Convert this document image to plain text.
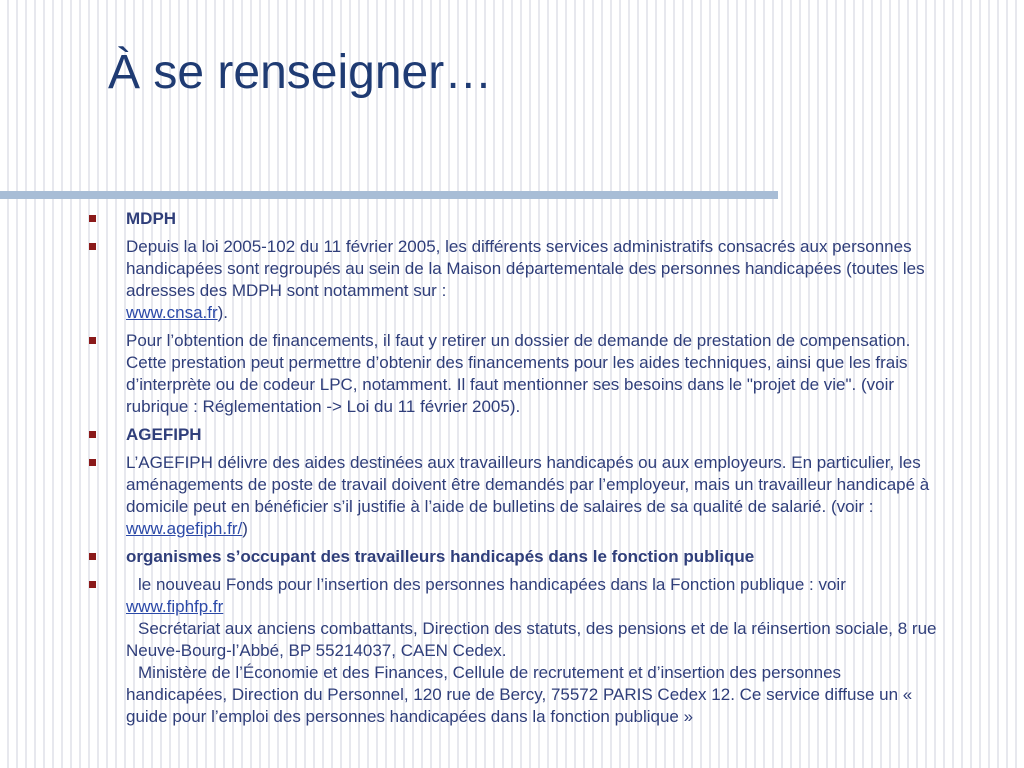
À se renseigner…
MDPH
Depuis la loi 2005-102 du 11 février 2005, les différents services administratifs consacrés aux personnes handicapées sont regroupés au sein de la Maison départementale des personnes handicapées (toutes les adresses des MDPH sont notamment sur :
www.cnsa.fr).
Pour l’obtention de financements, il faut y retirer un dossier de demande de prestation de compensation. Cette prestation peut permettre d’obtenir des financements pour les aides techniques, ainsi que les frais d’interprète ou de codeur LPC, notamment. Il faut mentionner ses besoins dans le "projet de vie". (voir rubrique : Réglementation -> Loi du 11 février 2005).
AGEFIPH
L’AGEFIPH délivre des aides destinées aux travailleurs handicapés ou aux employeurs. En particulier, les aménagements de poste de travail doivent être demandés par l’employeur, mais un travailleur handicapé à domicile peut en bénéficier s’il justifie à l’aide de bulletins de salaires de sa qualité de salarié. (voir : www.agefiph.fr/)
organismes s’occupant des travailleurs handicapés dans le fonction publique
le nouveau Fonds pour l’insertion des personnes handicapées dans la Fonction publique : voir www.fiphfp.fr
Secrétariat aux anciens combattants, Direction des statuts, des pensions et de la réinsertion sociale, 8 rue Neuve-Bourg-l’Abbé, BP 55214037, CAEN Cedex.
Ministère de l’Économie et des Finances, Cellule de recrutement et d’insertion des personnes handicapées, Direction du Personnel, 120 rue de Bercy, 75572 PARIS Cedex 12. Ce service diffuse un « guide pour l’emploi des personnes handicapées dans la fonction publique »
